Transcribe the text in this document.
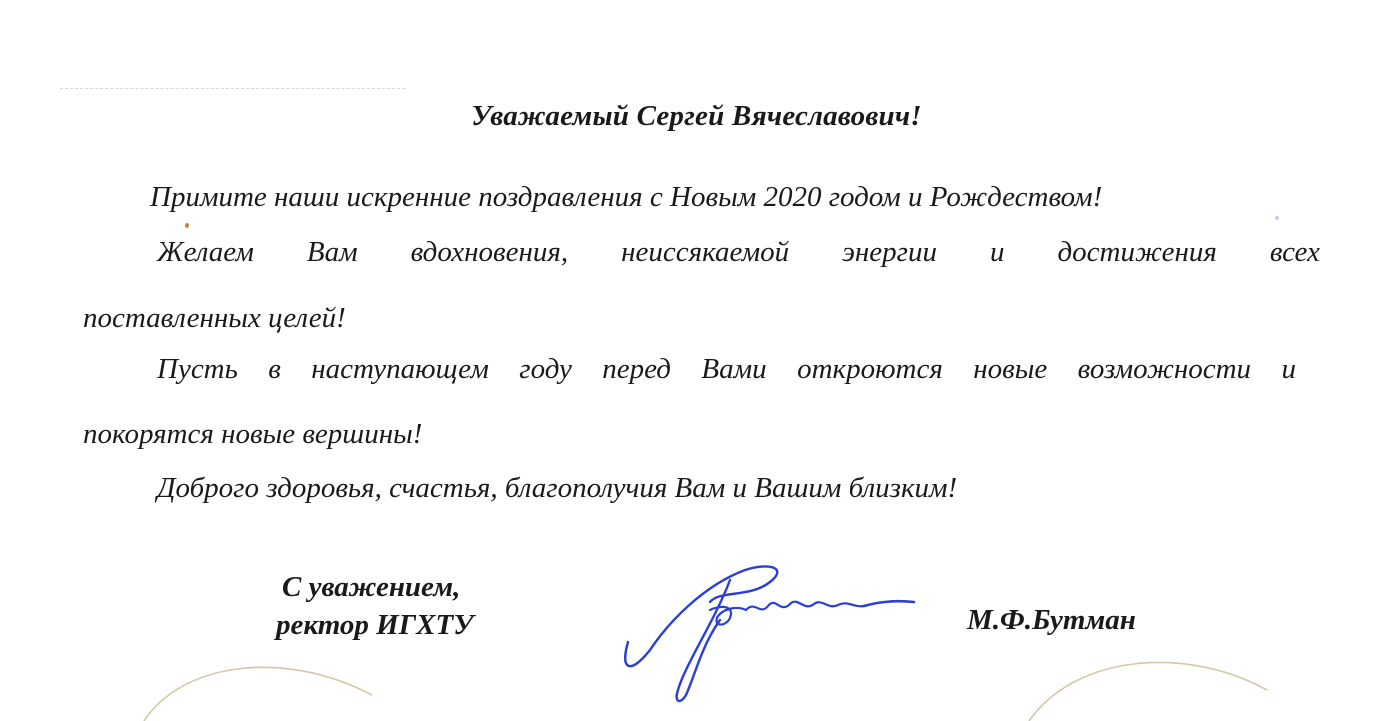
Уважаемый Сергей Вячеславович!
Примите наши искренние поздравления с Новым 2020 годом и Рождеством!
Желаем Вам вдохновения, неиссякаемой энергии и достижения всех
поставленных целей!
Пусть в наступающем году перед Вами откроются новые возможности и
покорятся новые вершины!
Доброго здоровья, счастья, благополучия Вам и Вашим близким!
С уважением,
ректор ИГХТУ	М.Ф.Бутман
